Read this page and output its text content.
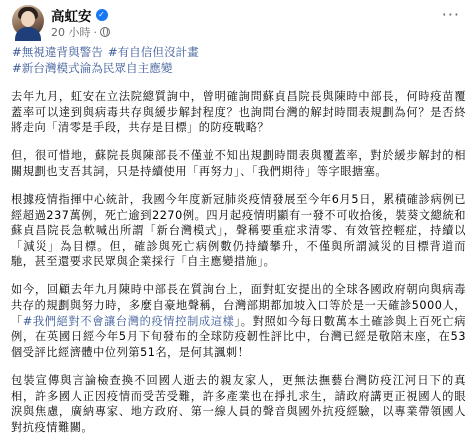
高虹安 ✓
20 小時 ·
···
#無視違背與警告 #有自信但沒計畫
#新台灣模式淪為民眾自主應變

去年九月，虹安在立法院總質詢中，曾明確詢問蘇貞昌院長與陳時中部長，何時疫苗覆蓋率可以達到與病毒共存與緩步解封程度？也詢問台灣的解封時間表規劃為何？是否終將走向「清零是手段，共存是目標」的防疫戰略？

但，很可惜地，蘇院長與陳部長不僅並不知出規劃時間表與覆蓋率，對於緩步解封的相關規劃也支吾其詞，只是持續使用「再努力」、「我們期待」等字眼搪塞。

根據疫情指揮中心統計，我國今年度新冠肺炎疫情發展至今年6月5日，累積確診病例已經超過237萬例，死亡逾到2270例。四月起疫情明顯有一發不可收拾後，裝葵文總統和蘇貞昌院長急軟喊出所謂「新台灣模式」，聲稱要重症求清零、有效管控輕症，持續以「減災」為目標。但，確診與死亡病例數仍持續攀升，不僅與所謂減災的目標背道而馳，甚至還要求民眾與企業採行「自主應變措施」。

如今，回顧去年九月陳時中部長在質詢台上，面對虹安提出的全球各國政府朝向與病毒共存的規劃與努力時，多麼自豪地聲稱，台灣部期都加坡入口等於是一天確診5000人，「#我們絕對不會讓台灣的疫情控制成這樣」。對照如今每日數萬本土確診與上百死亡病例，在英國日經今年5月下旬發布的全球防疫韌性評比中，台灣已經是敬陪末座，在53個受評比經濟體中位列第51名，是何其諷刺！

包裝宣傳與言論檢查換不回國人逝去的親友家人，更無法撫藝台灣防疫江河日下的真相，許多國人正因疫情而受苦受難，許多產業也在掙扎求生，請政府講更正視國人的眼淚與焦慮，廣納專家、地方政府、第一線人員的聲音與國外抗疫經驗，以專業帶領國人對抗疫情難關。
